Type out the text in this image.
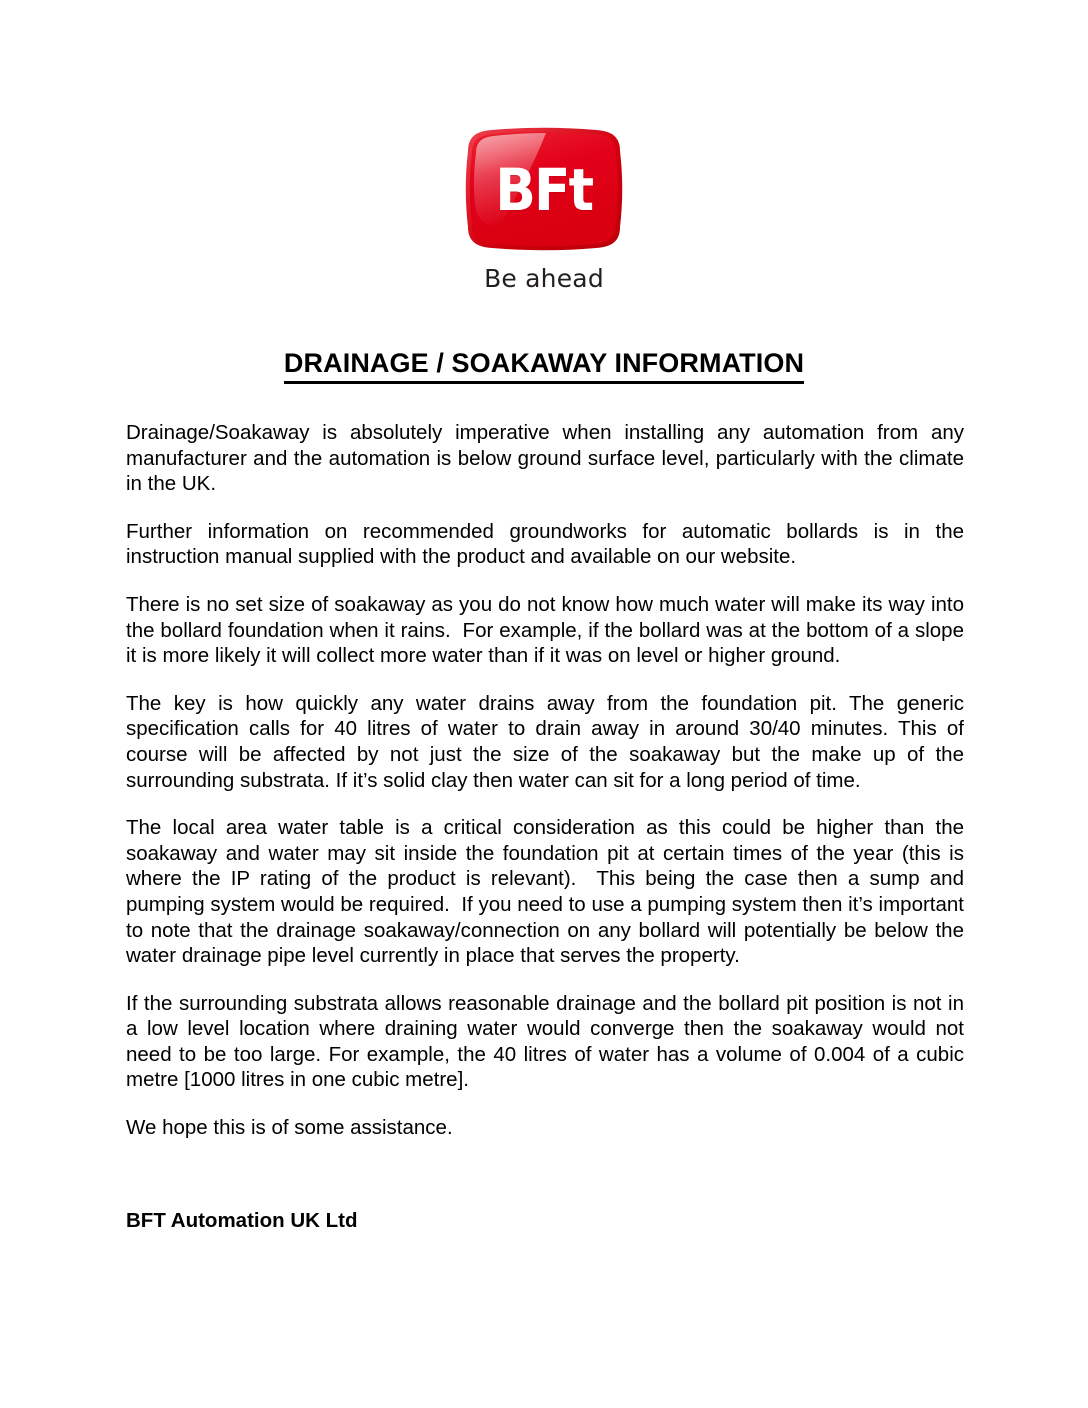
BFt
Be ahead
DRAINAGE / SOAKAWAY INFORMATION

Drainage/Soakaway is absolutely imperative when installing any automation from any manufacturer and the automation is below ground surface level, particularly with the climate in the UK.

Further information on recommended groundworks for automatic bollards is in the instruction manual supplied with the product and available on our website.

There is no set size of soakaway as you do not know how much water will make its way into the bollard foundation when it rains.  For example, if the bollard was at the bottom of a slope it is more likely it will collect more water than if it was on level or higher ground.

The key is how quickly any water drains away from the foundation pit. The generic specification calls for 40 litres of water to drain away in around 30/40 minutes. This of course will be affected by not just the size of the soakaway but the make up of the surrounding substrata. If it’s solid clay then water can sit for a long period of time.

The local area water table is a critical consideration as this could be higher than the soakaway and water may sit inside the foundation pit at certain times of the year (this is where the IP rating of the product is relevant).  This being the case then a sump and pumping system would be required.  If you need to use a pumping system then it’s important to note that the drainage soakaway/connection on any bollard will potentially be below the water drainage pipe level currently in place that serves the property.

If the surrounding substrata allows reasonable drainage and the bollard pit position is not in a low level location where draining water would converge then the soakaway would not need to be too large. For example, the 40 litres of water has a volume of 0.004 of a cubic metre [1000 litres in one cubic metre].

We hope this is of some assistance.

BFT Automation UK Ltd
